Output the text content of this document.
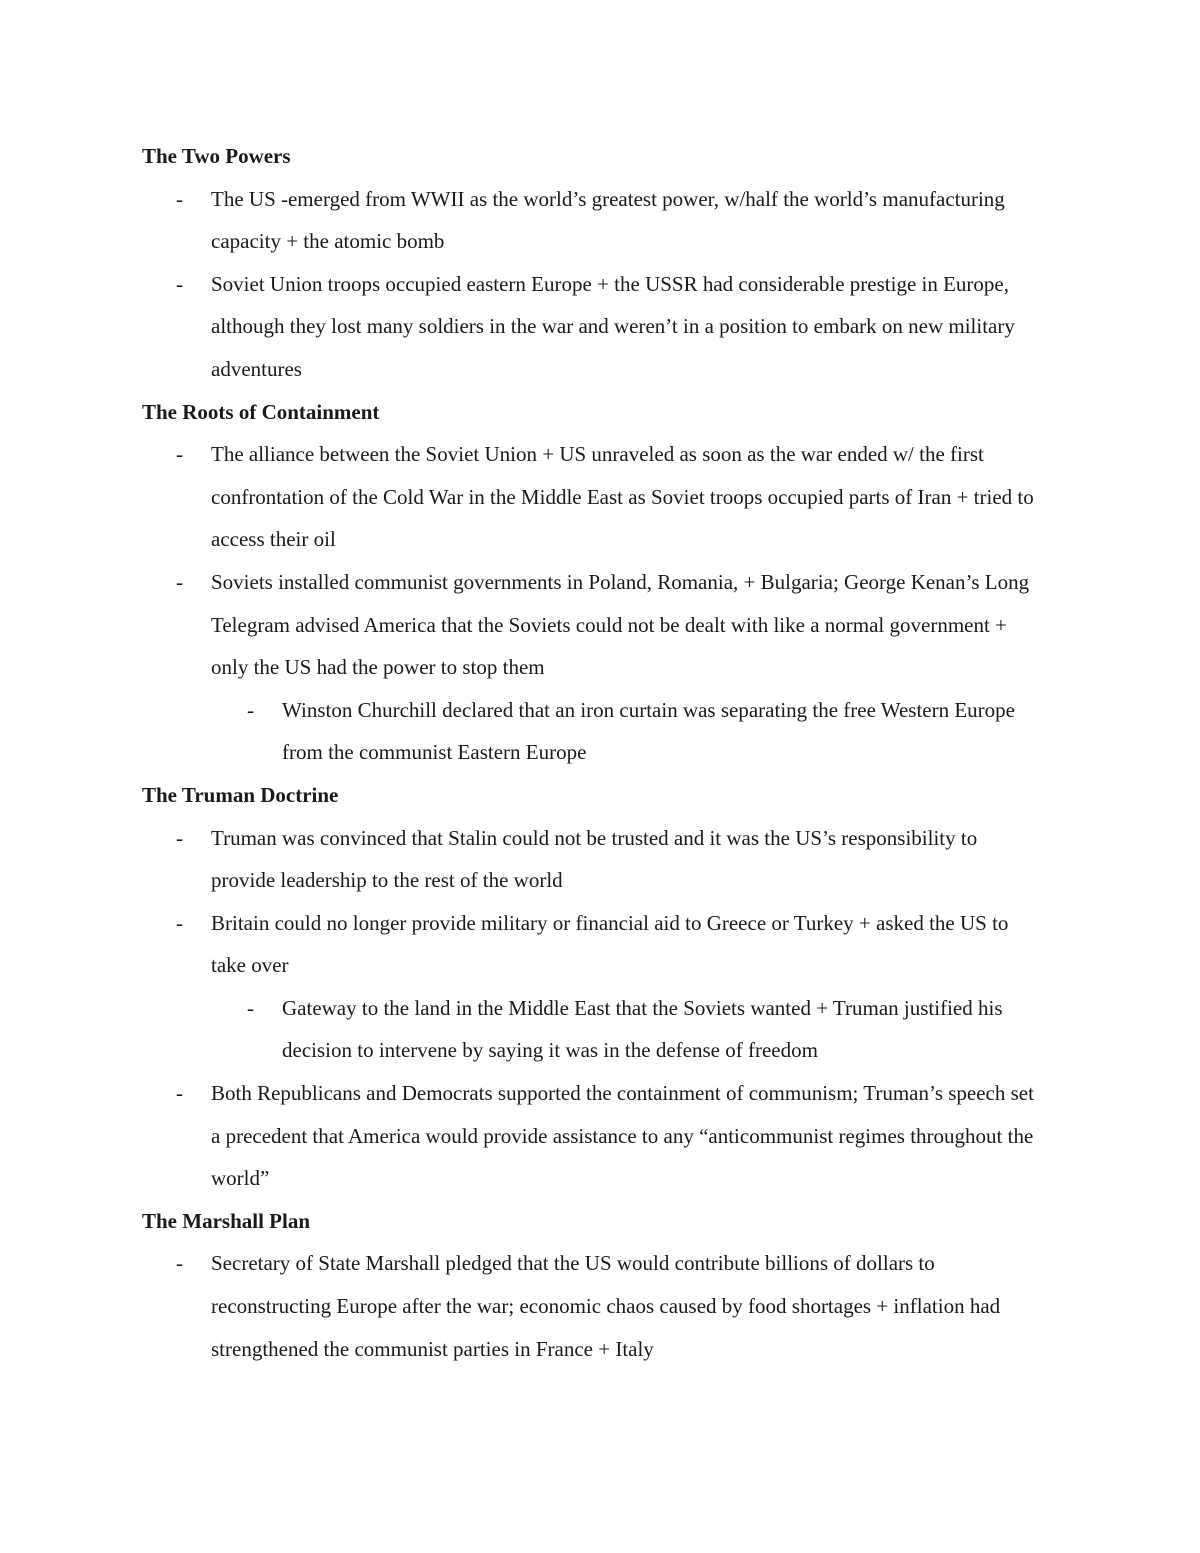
The Two Powers

- The US -emerged from WWII as the world’s greatest power, w/half the world’s manufacturing capacity + the atomic bomb

- Soviet Union troops occupied eastern Europe + the USSR had considerable prestige in Europe, although they lost many soldiers in the war and weren’t in a position to embark on new military adventures

The Roots of Containment

- The alliance between the Soviet Union + US unraveled as soon as the war ended w/ the first confrontation of the Cold War in the Middle East as Soviet troops occupied parts of Iran + tried to access their oil

- Soviets installed communist governments in Poland, Romania, + Bulgaria; George Kenan’s Long Telegram advised America that the Soviets could not be dealt with like a normal government + only the US had the power to stop them

- Winston Churchill declared that an iron curtain was separating the free Western Europe from the communist Eastern Europe

The Truman Doctrine

- Truman was convinced that Stalin could not be trusted and it was the US’s responsibility to provide leadership to the rest of the world

- Britain could no longer provide military or financial aid to Greece or Turkey + asked the US to take over

- Gateway to the land in the Middle East that the Soviets wanted + Truman justified his decision to intervene by saying it was in the defense of freedom

- Both Republicans and Democrats supported the containment of communism; Truman’s speech set a precedent that America would provide assistance to any “anticommunist regimes throughout the world”

The Marshall Plan

- Secretary of State Marshall pledged that the US would contribute billions of dollars to reconstructing Europe after the war; economic chaos caused by food shortages + inflation had strengthened the communist parties in France + Italy
